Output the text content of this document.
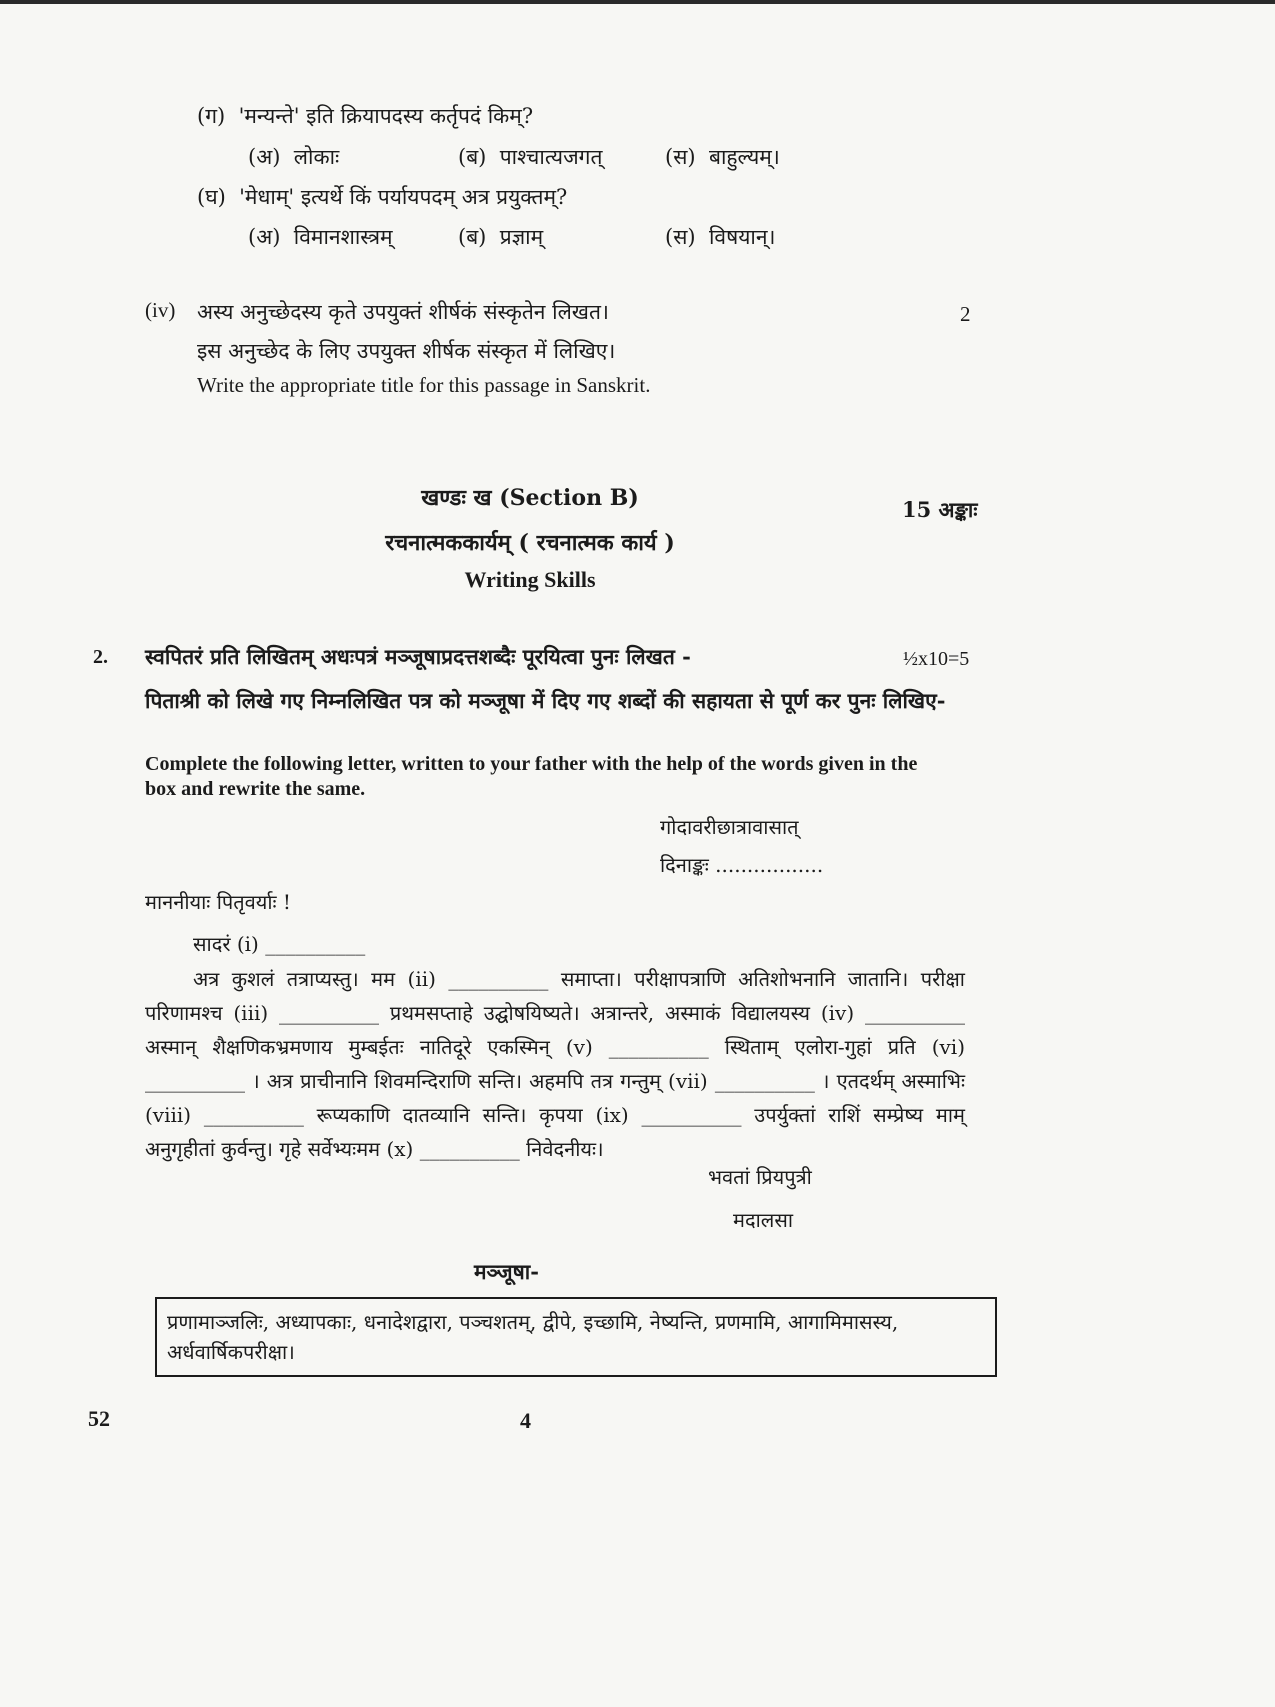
(ग) 'मन्यन्ते' इति क्रियापदस्य कर्तृपदं किम्?
(अ) लोकाः	(ब) पाश्चात्यजगत्	(स) बाहुल्यम्।
(घ) 'मेधाम्' इत्यर्थे किं पर्यायपदम् अत्र प्रयुक्तम्?
(अ) विमानशास्त्रम्	(ब) प्रज्ञाम्	(स) विषयान्।
(iv) अस्य अनुच्छेदस्य कृते उपयुक्तं शीर्षकं संस्कृतेन लिखत।	2
इस अनुच्छेद के लिए उपयुक्त शीर्षक संस्कृत में लिखिए।
Write the appropriate title for this passage in Sanskrit.
खण्डः ख (Section B)	15 अङ्काः
रचनात्मककार्यम् ( रचनात्मक कार्य )
Writing Skills
2. स्वपितरं प्रति लिखितम् अधःपत्रं मञ्जूषाप्रदत्तशब्दैः पूरयित्वा पुनः लिखत -	½x10=5
पिताश्री को लिखे गए निम्नलिखित पत्र को मञ्जूषा में दिए गए शब्दों की सहायता से पूर्ण कर पुनः लिखिए-
Complete the following letter, written to your father with the help of the words given in the box and rewrite the same.
गोदावरीछात्रावासात्
दिनाङ्कः .................
माननीयाः पितृवर्याः !
सादरं (i) __________
अत्र कुशलं तत्राप्यस्तु। मम (ii) __________ समाप्ता। परीक्षापत्राणि अतिशोभनानि जातानि। परीक्षा परिणामश्च (iii) __________ प्रथमसप्ताहे उद्घोषयिष्यते। अत्रान्तरे, अस्माकं विद्यालयस्य (iv) __________ अस्मान् शैक्षणिकभ्रमणाय मुम्बईतः नातिदूरे एकस्मिन् (v) __________ स्थिताम् एलोरा-गुहां प्रति (vi) __________ । अत्र प्राचीनानि शिवमन्दिराणि सन्ति। अहमपि तत्र गन्तुम् (vii) __________ । एतदर्थम् अस्माभिः (viii) __________ रूप्यकाणि दातव्यानि सन्ति। कृपया (ix) __________ उपर्युक्तां राशिं सम्प्रेष्य माम् अनुगृहीतां कुर्वन्तु। गृहे सर्वेभ्यःमम (x) __________ निवेदनीयः।
भवतां प्रियपुत्री
मदालसा
मञ्जूषा-
प्रणामाञ्जलिः, अध्यापकाः, धनादेशद्वारा, पञ्चशतम्, द्वीपे, इच्छामि, नेष्यन्ति, प्रणमामि, आगामिमासस्य, अर्धवार्षिकपरीक्षा।
52	4
